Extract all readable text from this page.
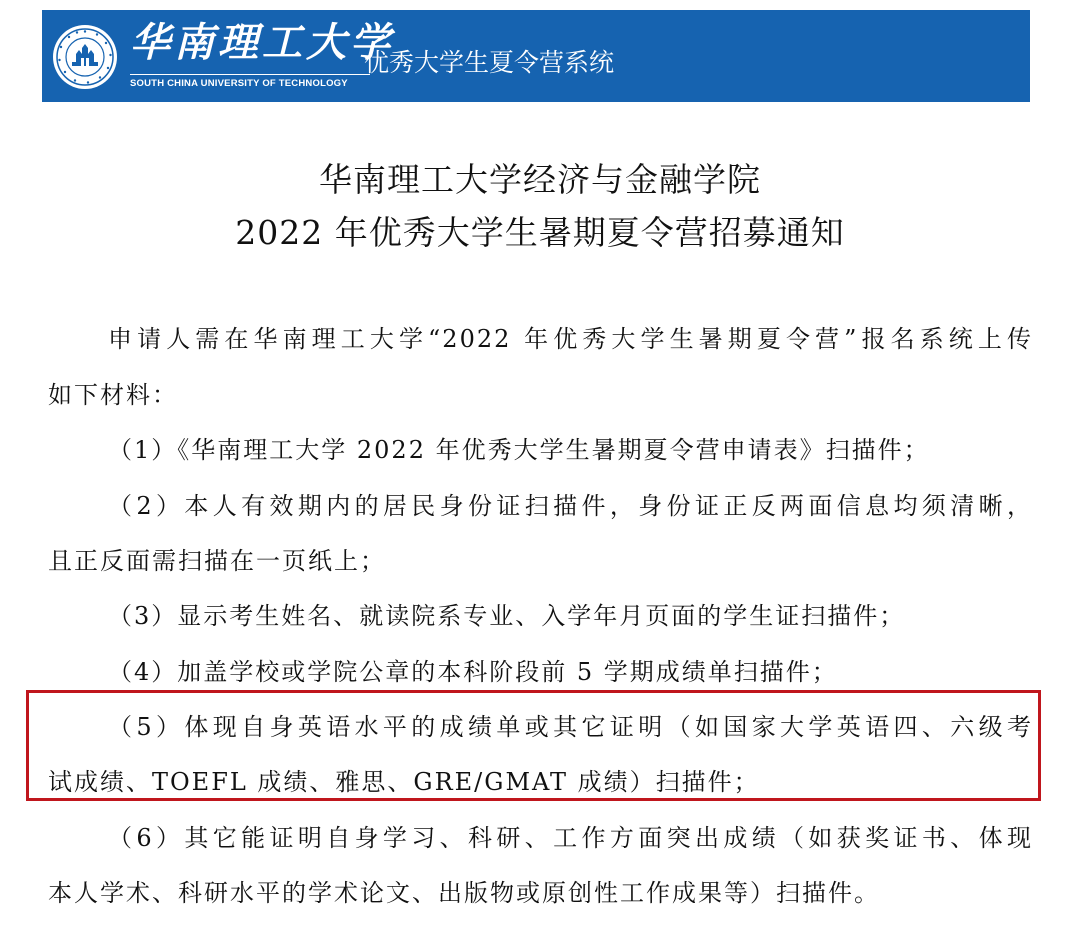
华南理工大学
SOUTH CHINA UNIVERSITY OF TECHNOLOGY
优秀大学生夏令营系统
华南理工大学经济与金融学院
2022 年优秀大学生暑期夏令营招募通知
申请人需在华南理工大学“2022 年优秀大学生暑期夏令营”报名系统上传
如下材料：
（1）《华南理工大学 2022 年优秀大学生暑期夏令营申请表》扫描件；
（2）本人有效期内的居民身份证扫描件，身份证正反两面信息均须清晰，
且正反面需扫描在一页纸上；
（3）显示考生姓名、就读院系专业、入学年月页面的学生证扫描件；
（4）加盖学校或学院公章的本科阶段前 5 学期成绩单扫描件；
（5）体现自身英语水平的成绩单或其它证明（如国家大学英语四、六级考
试成绩、TOEFL 成绩、雅思、GRE/GMAT 成绩）扫描件；
（6）其它能证明自身学习、科研、工作方面突出成绩（如获奖证书、体现
本人学术、科研水平的学术论文、出版物或原创性工作成果等）扫描件。
